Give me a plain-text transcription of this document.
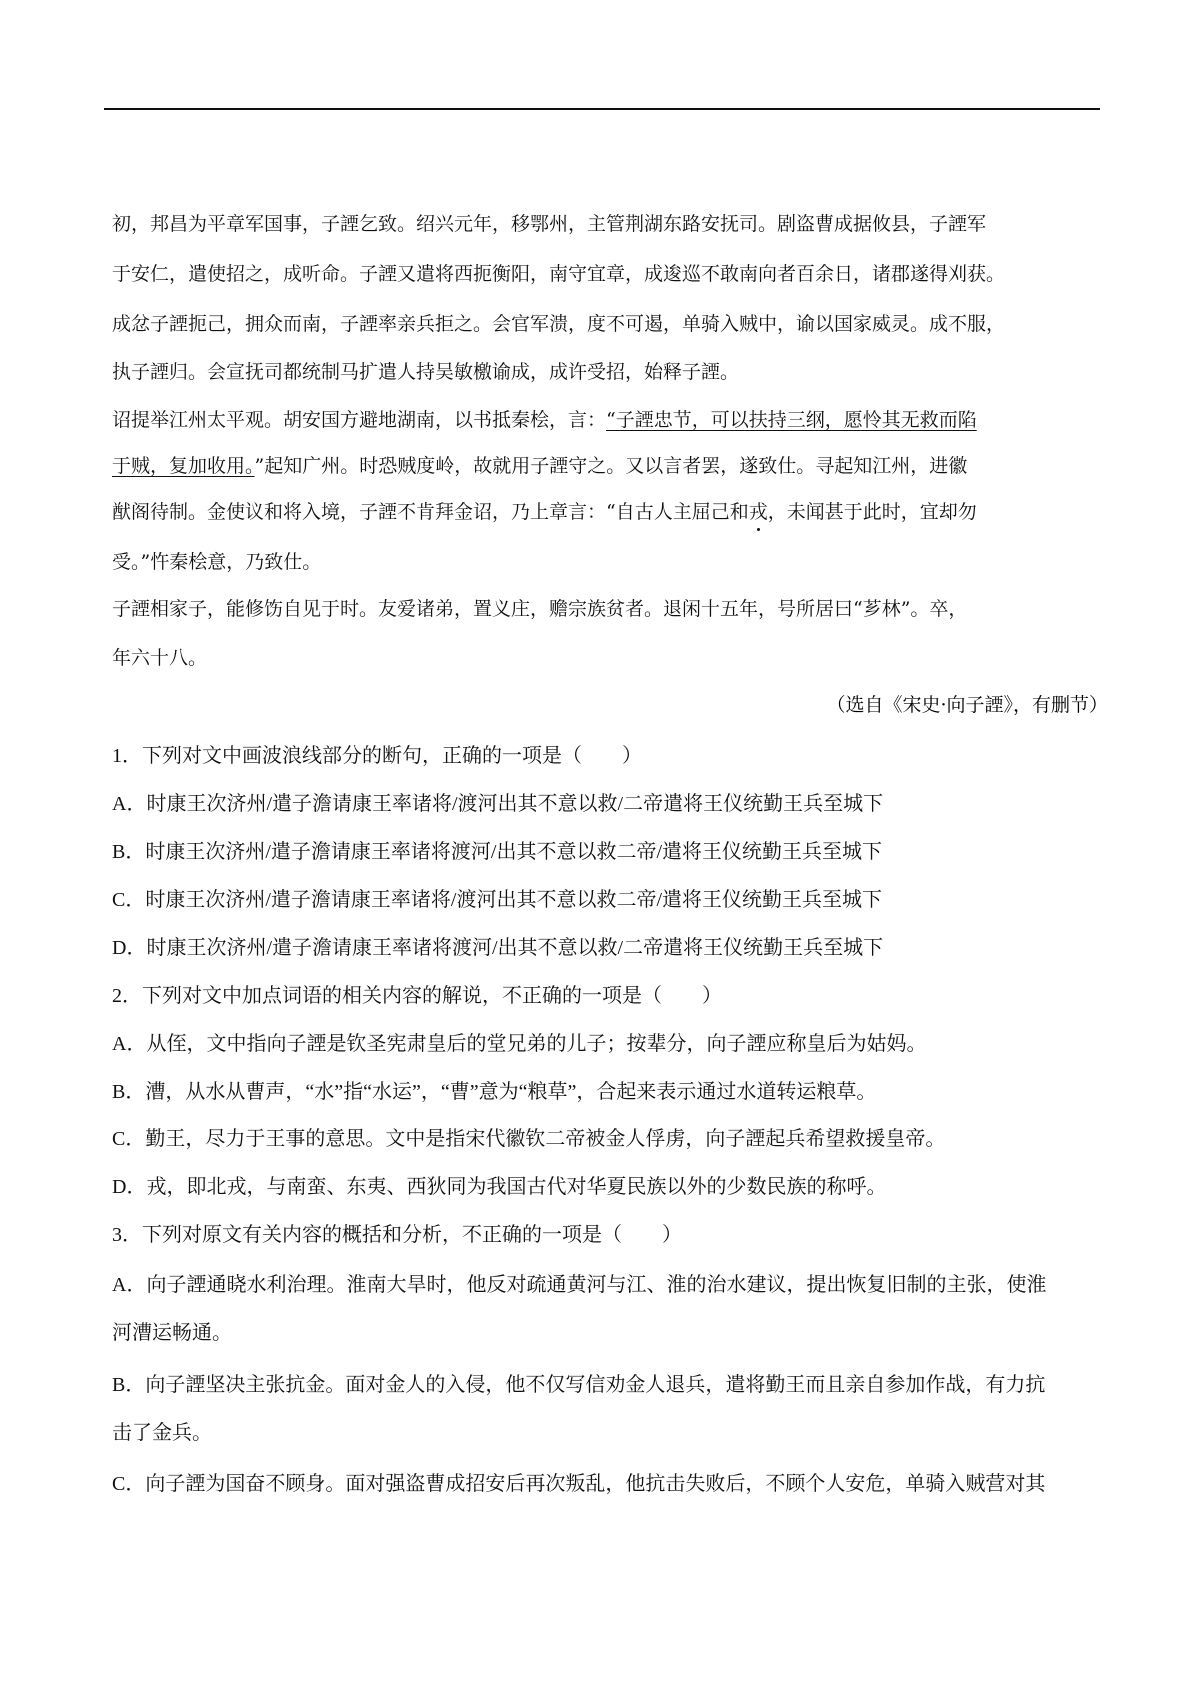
初，邦昌为平章军国事，子諲乞致。绍兴元年，移鄂州，主管荆湖东路安抚司。剧盗曹成据攸县，子諲军
于安仁，遣使招之，成听命。子諲又遣将西扼衡阳，南守宜章，成逡巡不敢南向者百余日，诸郡遂得刈获。
成忿子諲扼己，拥众而南，子諲率亲兵拒之。会官军溃，度不可遏，单骑入贼中，谕以国家威灵。成不服，
执子諲归。会宣抚司都统制马扩遣人持吴敏檄谕成，成许受招，始释子諲。
诏提举江州太平观。胡安国方避地湖南，以书抵秦桧，言：“子諲忠节，可以扶持三纲，愿怜其无救而陷
于贼，复加收用。”起知广州。时恐贼度岭，故就用子諲守之。又以言者罢，遂致仕。寻起知江州，进徽
猷阁待制。金使议和将入境，子諲不肯拜金诏，乃上章言：“自古人主屈己和戎，未闻甚于此时，宜却勿
受。”忤秦桧意，乃致仕。
子諲相家子，能修饬自见于时。友爱诸弟，置义庄，赡宗族贫者。退闲十五年，号所居曰“芗林”。卒，
年六十八。
（选自《宋史·向子諲》，有删节）
1．下列对文中画波浪线部分的断句，正确的一项是（　　）
A．时康王次济州/遣子澹请康王率诸将/渡河出其不意以救/二帝遣将王仪统勤王兵至城下
B．时康王次济州/遣子澹请康王率诸将渡河/出其不意以救二帝/遣将王仪统勤王兵至城下
C．时康王次济州/遣子澹请康王率诸将/渡河出其不意以救二帝/遣将王仪统勤王兵至城下
D．时康王次济州/遣子澹请康王率诸将渡河/出其不意以救/二帝遣将王仪统勤王兵至城下
2．下列对文中加点词语的相关内容的解说，不正确的一项是（　　）
A．从侄，文中指向子諲是钦圣宪肃皇后的堂兄弟的儿子；按辈分，向子諲应称皇后为姑妈。
B．漕，从水从曹声，“水”指“水运”，“曹”意为“粮草”，合起来表示通过水道转运粮草。
C．勤王，尽力于王事的意思。文中是指宋代徽钦二帝被金人俘虏，向子諲起兵希望救援皇帝。
D．戎，即北戎，与南蛮、东夷、西狄同为我国古代对华夏民族以外的少数民族的称呼。
3．下列对原文有关内容的概括和分析，不正确的一项是（　　）
A．向子諲通晓水利治理。淮南大旱时，他反对疏通黄河与江、淮的治水建议，提出恢复旧制的主张，使淮
河漕运畅通。
B．向子諲坚决主张抗金。面对金人的入侵，他不仅写信劝金人退兵，遣将勤王而且亲自参加作战，有力抗
击了金兵。
C．向子諲为国奋不顾身。面对强盗曹成招安后再次叛乱，他抗击失败后，不顾个人安危，单骑入贼营对其
